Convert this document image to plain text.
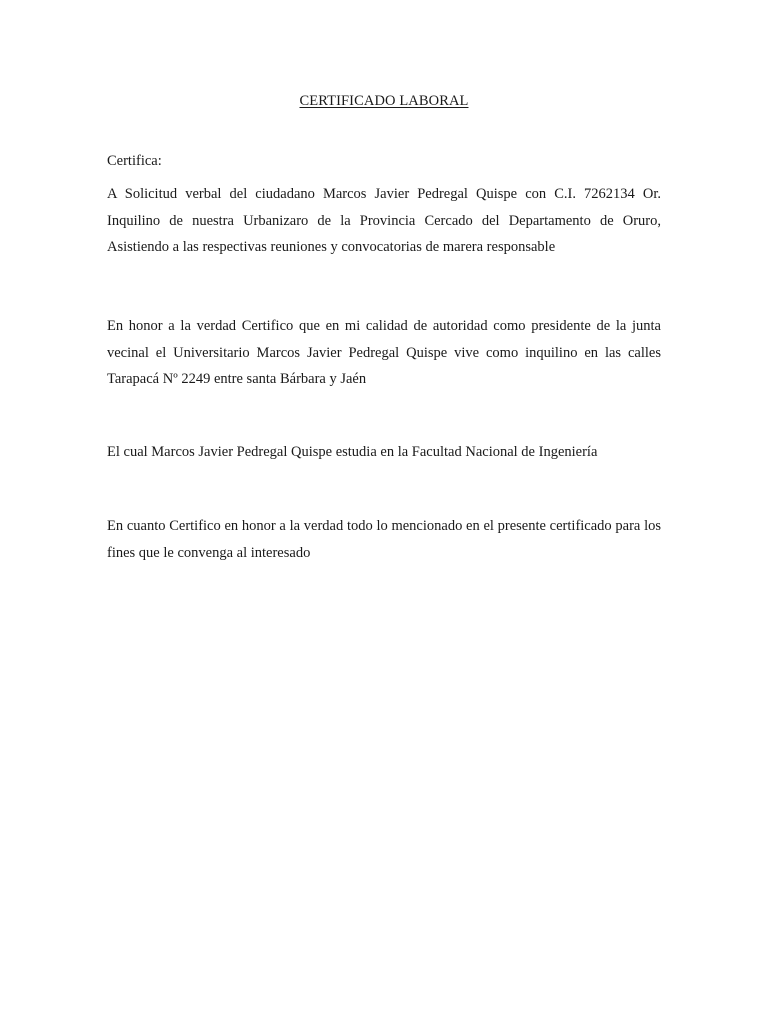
CERTIFICADO LABORAL

Certifica:

A Solicitud verbal del ciudadano Marcos Javier Pedregal Quispe con C.I. 7262134 Or. Inquilino de nuestra Urbanizaro de la Provincia Cercado del Departamento de Oruro, Asistiendo a las respectivas reuniones y convocatorias de marera responsable

En honor a la verdad Certifico que en mi calidad de autoridad como presidente de la junta vecinal el Universitario Marcos Javier Pedregal Quispe vive como inquilino en las calles Tarapacá Nº 2249 entre santa Bárbara y Jaén

El cual Marcos Javier Pedregal Quispe estudia en la Facultad Nacional de Ingeniería

En cuanto Certifico en honor a la verdad todo lo mencionado en el presente certificado para los fines que le convenga al interesado
